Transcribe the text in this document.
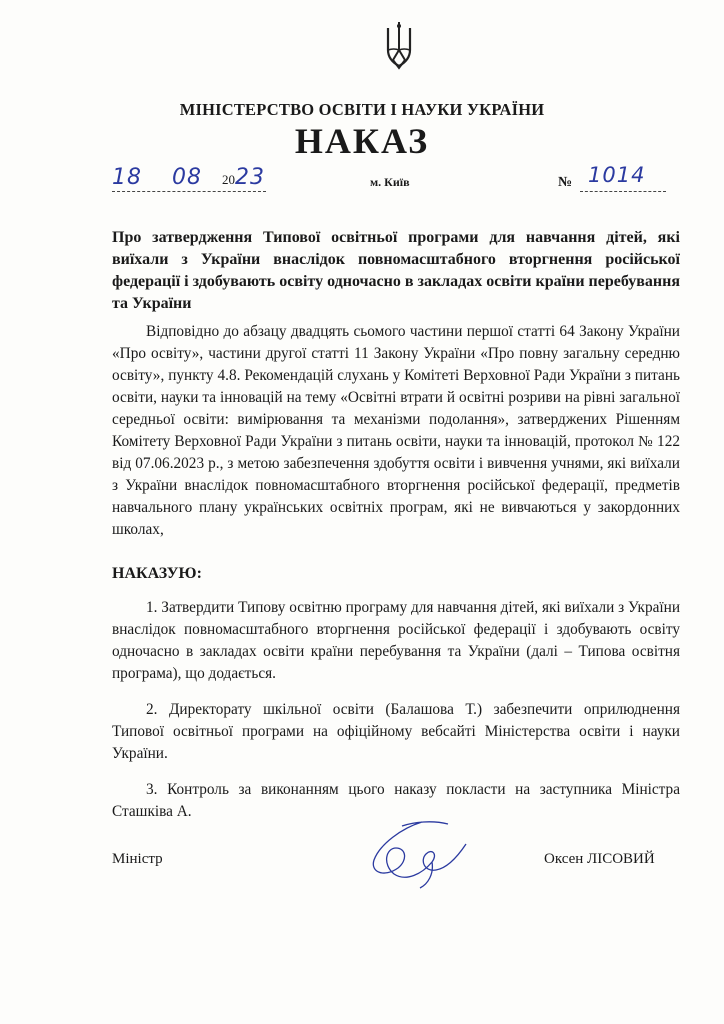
МІНІСТЕРСТВО ОСВІТИ І НАУКИ УКРАЇНИ
НАКАЗ
18 08 2023	м. Київ	№ 1014
Про затвердження Типової освітньої програми для навчання дітей, які виїхали з України внаслідок повномасштабного вторгнення російської федерації і здобувають освіту одночасно в закладах освіти країни перебування та України
Відповідно до абзацу двадцять сьомого частини першої статті 64 Закону України «Про освіту», частини другої статті 11 Закону України «Про повну загальну середню освіту», пункту 4.8. Рекомендацій слухань у Комітеті Верховної Ради України з питань освіти, науки та інновацій на тему «Освітні втрати й освітні розриви на рівні загальної середньої освіти: вимірювання та механізми подолання», затверджених Рішенням Комітету Верховної Ради України з питань освіти, науки та інновацій, протокол № 122 від 07.06.2023 р., з метою забезпечення здобуття освіти і вивчення учнями, які виїхали з України внаслідок повномасштабного вторгнення російської федерації, предметів навчального плану українських освітніх програм, які не вивчаються у закордонних школах,
НАКАЗУЮ:
1. Затвердити Типову освітню програму для навчання дітей, які виїхали з України внаслідок повномасштабного вторгнення російської федерації і здобувають освіту одночасно в закладах освіти країни перебування та України (далі – Типова освітня програма), що додається.
2. Директорату шкільної освіти (Балашова Т.) забезпечити оприлюднення Типової освітньої програми на офіційному вебсайті Міністерства освіти і науки України.
3. Контроль за виконанням цього наказу покласти на заступника Міністра Сташківа А.
Міністр	Оксен ЛІСОВИЙ
